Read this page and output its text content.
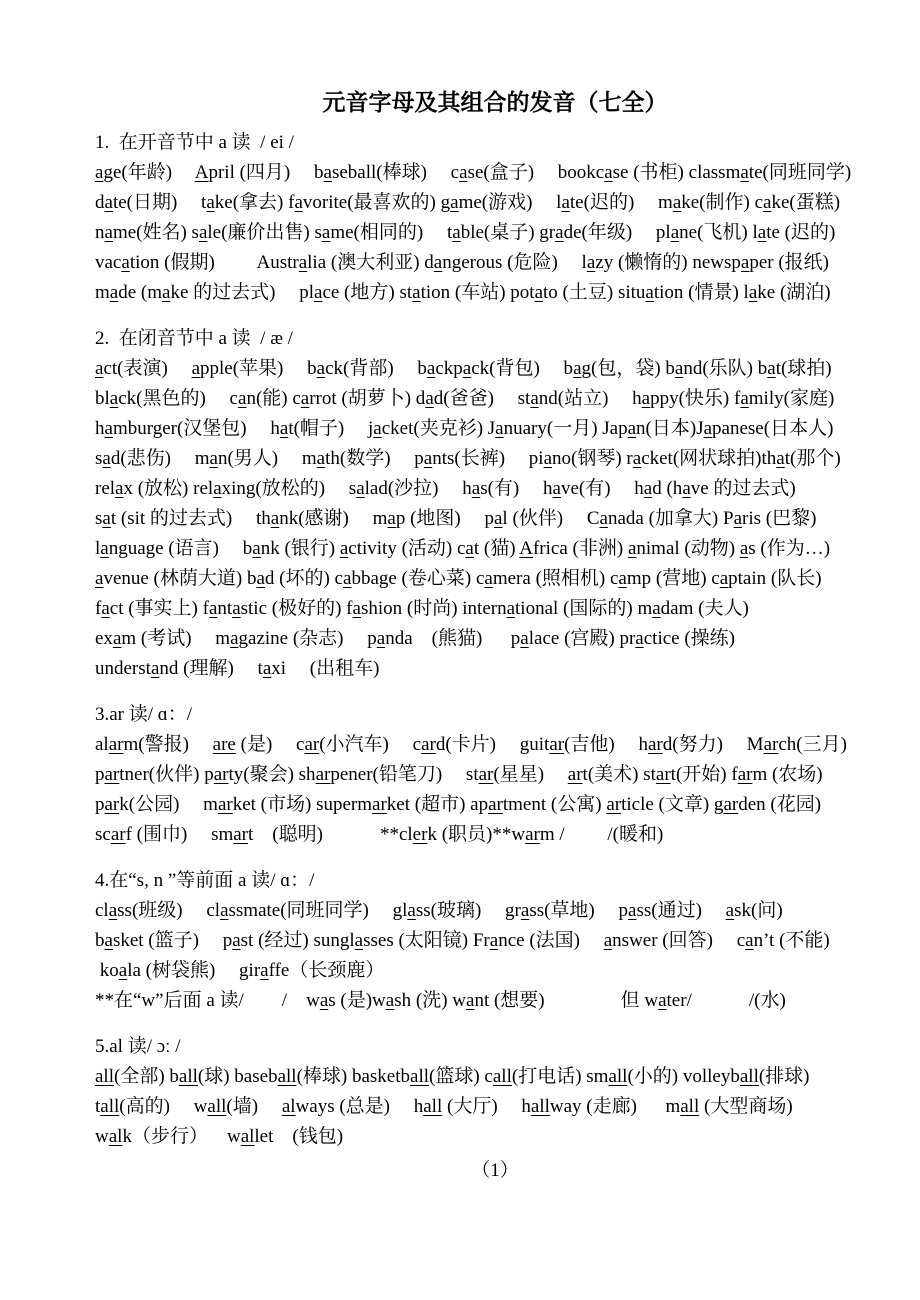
元音字母及其组合的发音（七全）
1.  在开音节中 a 读  / ei /
age(年龄)　 April (四月)　 baseball(棒球)　 case(盒子)　 bookcase (书柜) classmate(同班同学)
date(日期)　 take(拿去) favorite(最喜欢的) game(游戏)　 late(迟的)　 make(制作) cake(蛋糕)
name(姓名) sale(廉价出售) same(相同的)　 table(桌子) grade(年级)　 plane(飞机) late (迟的)
vacation (假期)　　 Australia (澳大利亚) dangerous (危险)　 lazy (懒惰的) newspaper (报纸)
made (make 的过去式)　 place (地方) station (车站) potato (土豆) situation (情景) lake (湖泊)
2.  在闭音节中 a 读  / æ /
act(表演)　 apple(苹果)　 back(背部)　 backpack(背包)　 bag(包，袋) band(乐队) bat(球拍)
black(黑色的)　 can(能) carrot (胡萝卜) dad(爸爸)　 stand(站立)　 happy(快乐) family(家庭)
hamburger(汉堡包)　 hat(帽子)　 jacket(夹克衫) January(一月) Japan(日本)Japanese(日本人)
sad(悲伤)　 man(男人)　 math(数学)　 pants(长裤)　 piano(钢琴) racket(网状球拍)that(那个)
relax (放松) relaxing(放松的)　 salad(沙拉)　 has(有)　 have(有)　 had (have 的过去式)
sat (sit 的过去式)　 thank(感谢)　 map (地图)　 pal (伙伴)　 Canada (加拿大) Paris (巴黎)
language (语言)　 bank (银行) activity (活动) cat (猫) Africa (非洲) animal (动物) as (作为…)
avenue (林荫大道) bad (坏的) cabbage (卷心菜) camera (照相机) camp (营地) captain (队长)
fact (事实上) fantastic (极好的) fashion (时尚) international (国际的) madam (夫人)
exam (考试)　 magazine (杂志)　 panda　(熊猫)　  palace (宫殿) practice (操练)
understand (理解)　 taxi　 (出租车)
3.ar 读/ ɑ：/
alarm(警报)　 are (是)　 car(小汽车)　 card(卡片)　 guitar(吉他)　 hard(努力)　 March(三月)
partner(伙伴) party(聚会) sharpener(铅笔刀)　 star(星星)　 art(美术) start(开始) farm (农场)
park(公园)　 market (市场) supermarket (超市) apartment (公寓) article (文章) garden (花园)
scarf (围巾)　 smart　(聪明)　　　**clerk (职员)**warm /　　 /(暖和)
4.在“s, n ”等前面 a 读/ ɑ：/
class(班级)　 classmate(同班同学)　 glass(玻璃)　 grass(草地)　 pass(通过)　 ask(问)
basket (篮子)　 past (经过) sunglasses (太阳镜) France (法国)　 answer (回答)　 can’t (不能)
koala (树袋熊)　 giraffe（长颈鹿）
**在“w”后面 a 读/　　/　was (是)wash (洗) want (想要)　　　　但 water/　　　/(水)
5.al 读/ ɔː /
all(全部) ball(球) baseball(棒球) basketball(篮球) call(打电话) small(小的) volleyball(排球)
tall(高的)　 wall(墙)　 always (总是)　 hall (大厅)　 hallway (走廊)　  mall (大型商场)
walk（步行）　  wallet　(钱包)
（1）
